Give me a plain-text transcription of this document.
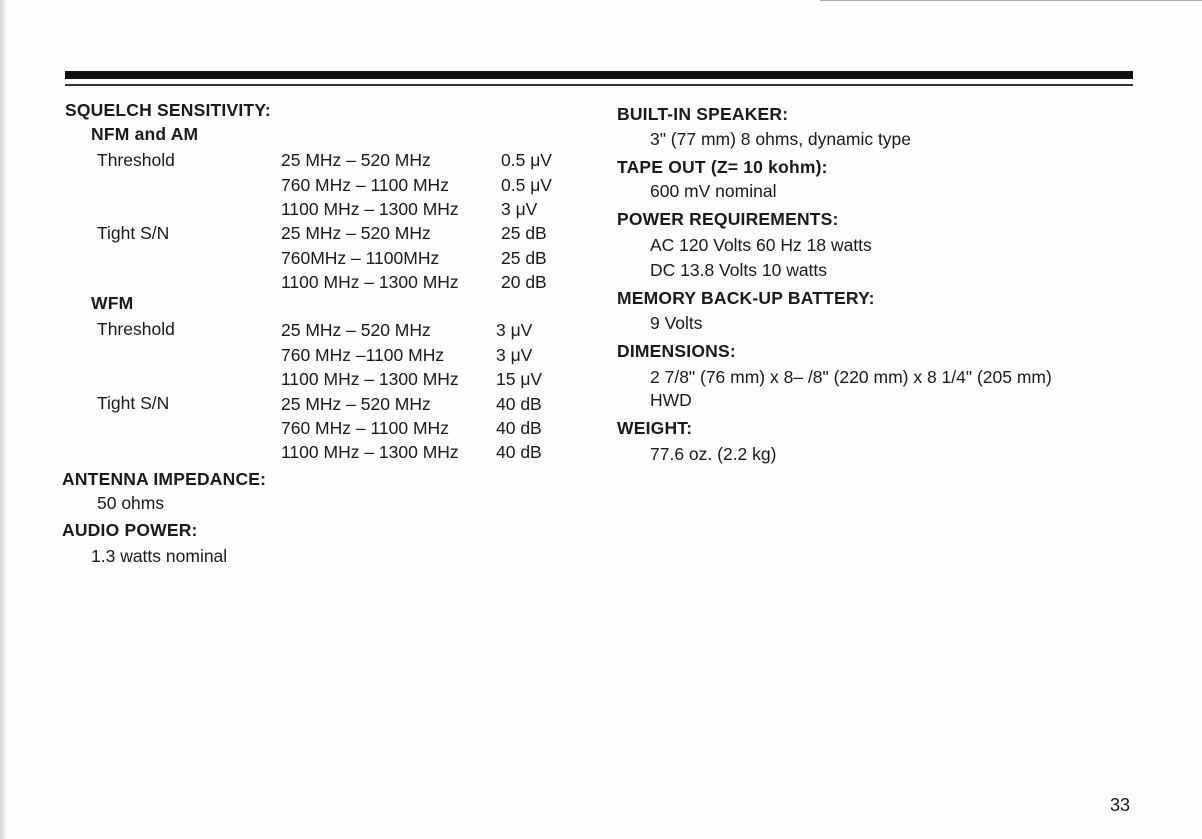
SQUELCH SENSITIVITY:
NFM and AM
Threshold	25 MHz – 520 MHz	0.5 μV
760 MHz – 1100 MHz	0.5 μV
1100 MHz – 1300 MHz 3 μV
Tight S/N	25 MHz – 520 MHz	25 dB
760MHz – 1100MHz	25 dB
1100 MHz – 1300 MHz 20 dB
WFM
Threshold	25 MHz – 520 MHz	3 μV
760 MHz –1100 MHz	3 μV
1100 MHz – 1300 MHz 15 μV
Tight S/N	25 MHz – 520 MHz	40 dB
760 MHz – 1100 MHz	40 dB
1100 MHz – 1300 MHz 40 dB
ANTENNA IMPEDANCE:
50 ohms
AUDIO POWER:
1.3 watts nominal
BUILT-IN SPEAKER:
3" (77 mm) 8 ohms, dynamic type
TAPE OUT (Z= 10 kohm):
600 mV nominal
POWER REQUIREMENTS:
AC 120 Volts 60 Hz 18 watts
DC 13.8 Volts 10 watts
MEMORY BACK-UP BATTERY:
9 Volts
DIMENSIONS:
2 7/8" (76 mm) x 8– /8" (220 mm) x 8 1/4" (205 mm)
HWD
WEIGHT:
77.6 oz. (2.2 kg)
33
